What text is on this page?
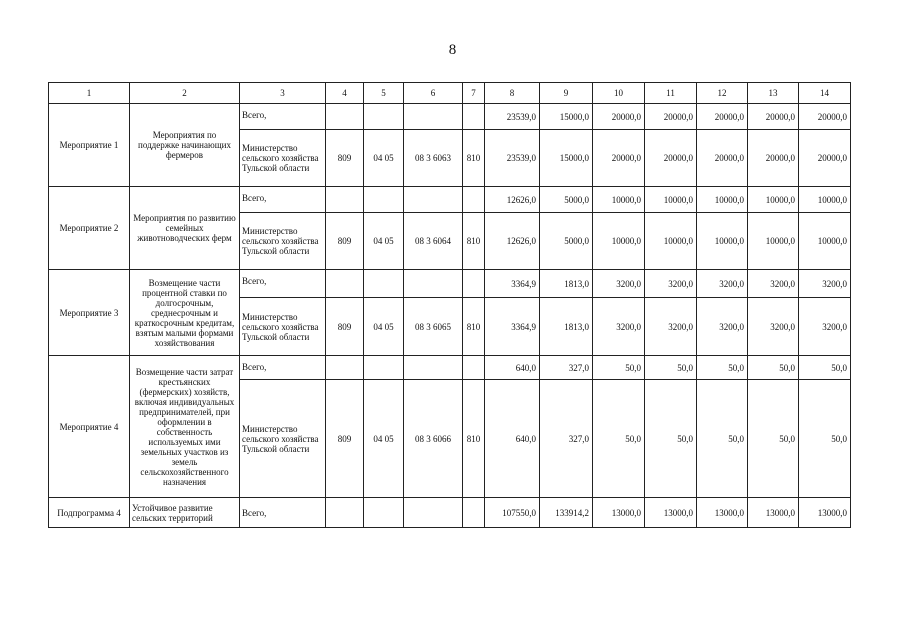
8
1	2	3	4	5	6	7	8	9	10	11	12	13	14
Мероприятие 1	Мероприятия по поддержке начинающих фермеров	Всего,					23539,0	15000,0	20000,0	20000,0	20000,0	20000,0	20000,0
		Министерство сельского хозяйства Тульской области	809	04 05	08 3 6063	810	23539,0	15000,0	20000,0	20000,0	20000,0	20000,0	20000,0
Мероприятие 2	Мероприятия по развитию семейных животноводческих ферм	Всего,					12626,0	5000,0	10000,0	10000,0	10000,0	10000,0	10000,0
		Министерство сельского хозяйства Тульской области	809	04 05	08 3 6064	810	12626,0	5000,0	10000,0	10000,0	10000,0	10000,0	10000,0
Мероприятие 3	Возмещение части процентной ставки по долгосрочным, среднесрочным и краткосрочным кредитам, взятым малыми формами хозяйствования	Всего,					3364,9	1813,0	3200,0	3200,0	3200,0	3200,0	3200,0
		Министерство сельского хозяйства Тульской области	809	04 05	08 3 6065	810	3364,9	1813,0	3200,0	3200,0	3200,0	3200,0	3200,0
Мероприятие 4	Возмещение части затрат крестьянских (фермерских) хозяйств, включая индивидуальных предпринимателей, при оформлении в собственность используемых ими земельных участков из земель сельскохозяйственного назначения	Всего,					640,0	327,0	50,0	50,0	50,0	50,0	50,0
		Министерство сельского хозяйства Тульской области	809	04 05	08 3 6066	810	640,0	327,0	50,0	50,0	50,0	50,0	50,0
Подпрограмма 4	Устойчивое развитие сельских территорий	Всего,					107550,0	133914,2	13000,0	13000,0	13000,0	13000,0	13000,0
